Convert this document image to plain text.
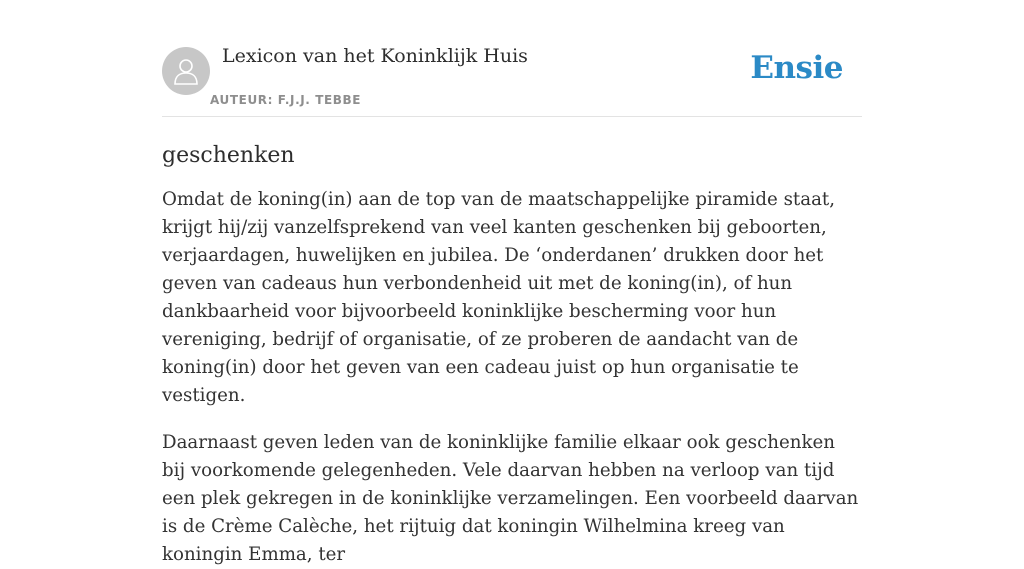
Lexicon van het Koninklijk Huis
AUTEUR: F.J.J. TEBBE
Ensie
geschenken

Omdat de koning(in) aan de top van de maatschappelijke piramide staat, krijgt hij/zij vanzelfsprekend van veel kanten geschenken bij geboorten, verjaardagen, huwelijken en jubilea. De ‘onderdanen’ drukken door het geven van cadeaus hun verbondenheid uit met de koning(in), of hun dankbaarheid voor bijvoorbeeld koninklijke bescherming voor hun vereniging, bedrijf of organisatie, of ze proberen de aandacht van de koning(in) door het geven van een cadeau juist op hun organisatie te vestigen.

Daarnaast geven leden van de koninklijke familie elkaar ook geschenken bij voorkomende gelegenheden. Vele daarvan hebben na verloop van tijd een plek gekregen in de koninklijke verzamelingen. Een voorbeeld daarvan is de Crème Calèche, het rijtuig dat koningin Wilhelmina kreeg van koningin Emma, ter
